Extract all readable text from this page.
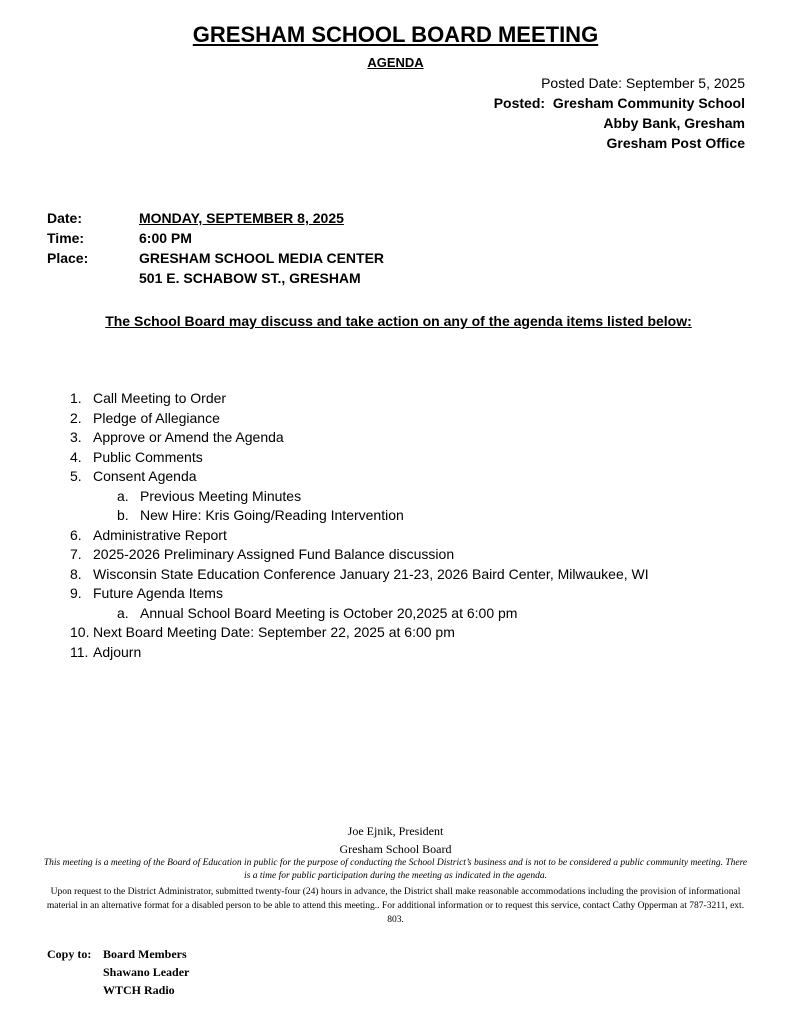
GRESHAM SCHOOL BOARD MEETING
AGENDA
Posted Date: September 5, 2025
Posted: Gresham Community School
Abby Bank, Gresham
Gresham Post Office
Date:	MONDAY, SEPTEMBER 8, 2025
Time:	6:00 PM
Place:	GRESHAM SCHOOL MEDIA CENTER
501 E. SCHABOW ST., GRESHAM
The School Board may discuss and take action on any of the agenda items listed below:
1. Call Meeting to Order
2. Pledge of Allegiance
3. Approve or Amend the Agenda
4. Public Comments
5. Consent Agenda
a. Previous Meeting Minutes
b. New Hire: Kris Going/Reading Intervention
6. Administrative Report
7. 2025-2026 Preliminary Assigned Fund Balance discussion
8. Wisconsin State Education Conference January 21-23, 2026 Baird Center, Milwaukee, WI
9. Future Agenda Items
a. Annual School Board Meeting is October 20,2025 at 6:00 pm
10. Next Board Meeting Date: September 22, 2025 at 6:00 pm
11. Adjourn
Joe Ejnik, President
Gresham School Board
This meeting is a meeting of the Board of Education in public for the purpose of conducting the School District’s business and is not to be considered a public community meeting. There is a time for public participation during the meeting as indicated in the agenda.
Upon request to the District Administrator, submitted twenty-four (24) hours in advance, the District shall make reasonable accommodations including the provision of informational material in an alternative format for a disabled person to be able to attend this meeting.. For additional information or to request this service, contact Cathy Opperman at 787-3211, ext. 803.
Copy to: Board Members
Shawano Leader
WTCH Radio
